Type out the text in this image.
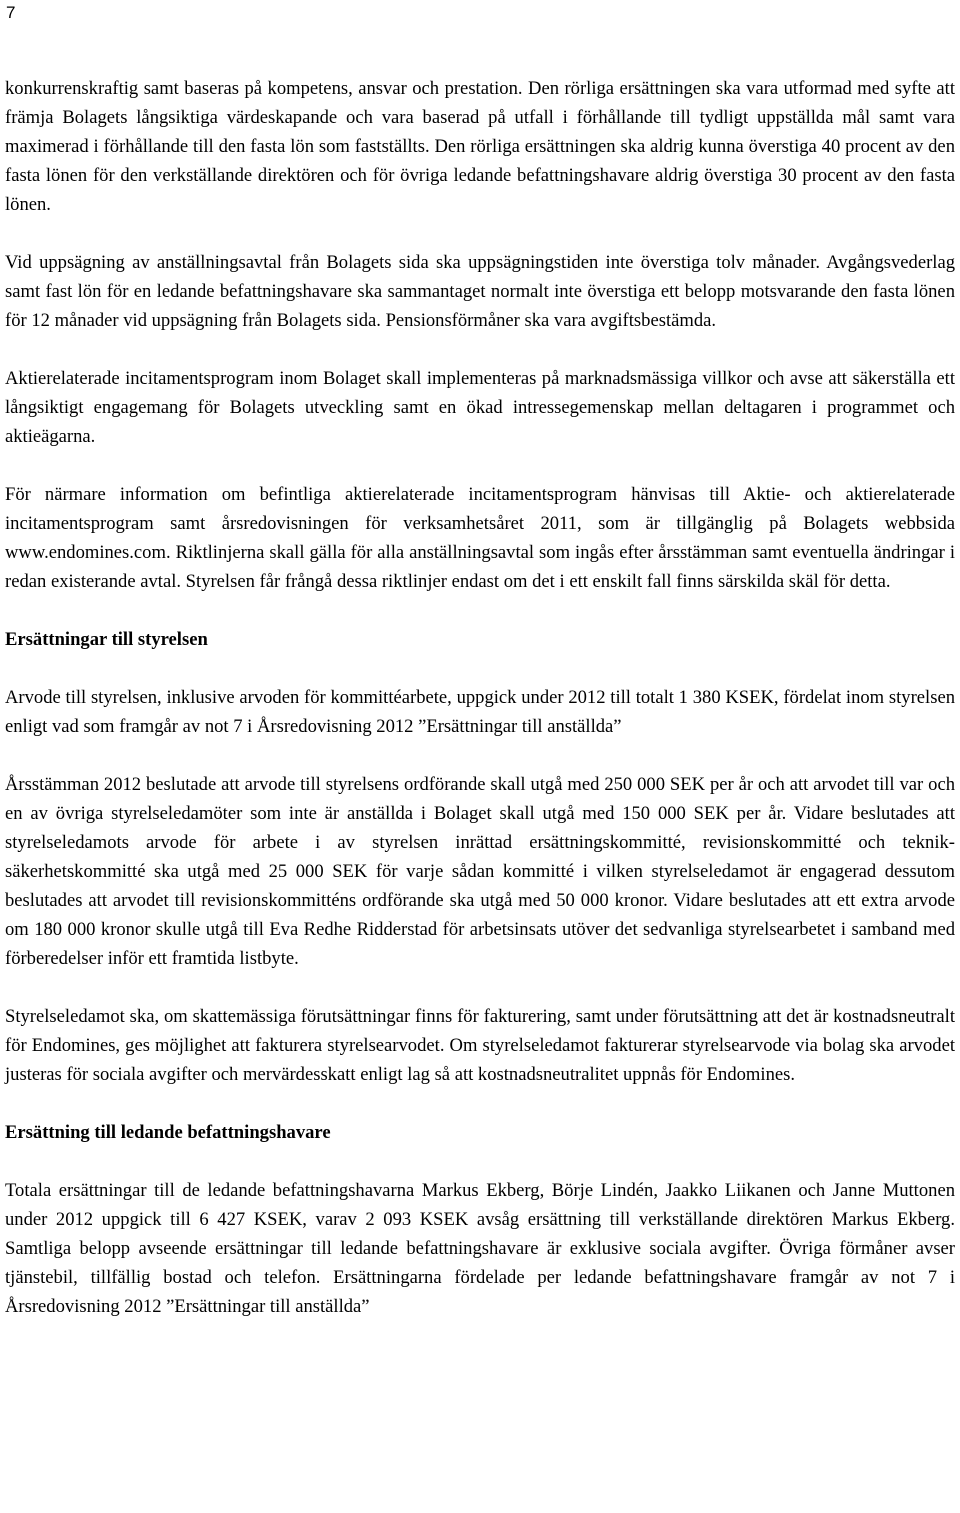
7

konkurrenskraftig samt baseras på kompetens, ansvar och prestation. Den rörliga ersättningen ska vara utformad med syfte att främja Bolagets långsiktiga värdeskapande och vara baserad på utfall i förhållande till tydligt uppställda mål samt vara maximerad i förhållande till den fasta lön som fastställts. Den rörliga ersättningen ska aldrig kunna överstiga 40 procent av den fasta lönen för den verkställande direktören och för övriga ledande befattningshavare aldrig överstiga 30 procent av den fasta lönen.

Vid uppsägning av anställningsavtal från Bolagets sida ska uppsägningstiden inte överstiga tolv månader. Avgångsvederlag samt fast lön för en ledande befattningshavare ska sammantaget normalt inte överstiga ett belopp motsvarande den fasta lönen för 12 månader vid uppsägning från Bolagets sida. Pensionsförmåner ska vara avgiftsbestämda.

Aktierelaterade incitamentsprogram inom Bolaget skall implementeras på marknadsmässiga villkor och avse att säkerställa ett långsiktigt engagemang för Bolagets utveckling samt en ökad intressegemenskap mellan deltagaren i programmet och aktieägarna.

För närmare information om befintliga aktierelaterade incitamentsprogram hänvisas till Aktie- och aktierelaterade incitamentsprogram samt årsredovisningen för verksamhetsåret 2011, som är tillgänglig på Bolagets webbsida www.endomines.com. Riktlinjerna skall gälla för alla anställningsavtal som ingås efter årsstämman samt eventuella ändringar i redan existerande avtal. Styrelsen får frångå dessa riktlinjer endast om det i ett enskilt fall finns särskilda skäl för detta.

Ersättningar till styrelsen

Arvode till styrelsen, inklusive arvoden för kommittéarbete, uppgick under 2012 till totalt 1 380 KSEK, fördelat inom styrelsen enligt vad som framgår av not 7 i Årsredovisning 2012 ”Ersättningar till anställda”

Årsstämman 2012 beslutade att arvode till styrelsens ordförande skall utgå med 250 000 SEK per år och att arvodet till var och en av övriga styrelseledamöter som inte är anställda i Bolaget skall utgå med 150 000 SEK per år. Vidare beslutades att styrelseledamots arvode för arbete i av styrelsen inrättad ersättningskommitté, revisionskommitté och teknik-säkerhetskommitté ska utgå med 25 000 SEK för varje sådan kommitté i vilken styrelseledamot är engagerad dessutom beslutades att arvodet till revisionskommitténs ordförande ska utgå med 50 000 kronor. Vidare beslutades att ett extra arvode om 180 000 kronor skulle utgå till Eva Redhe Ridderstad för arbetsinsats utöver det sedvanliga styrelsearbetet i samband med förberedelser inför ett framtida listbyte.

Styrelseledamot ska, om skattemässiga förutsättningar finns för fakturering, samt under förutsättning att det är kostnadsneutralt för Endomines, ges möjlighet att fakturera styrelsearvodet. Om styrelseledamot fakturerar styrelsearvode via bolag ska arvodet justeras för sociala avgifter och mervärdesskatt enligt lag så att kostnadsneutralitet uppnås för Endomines.

Ersättning till ledande befattningshavare

Totala ersättningar till de ledande befattningshavarna Markus Ekberg, Börje Lindén, Jaakko Liikanen och Janne Muttonen under 2012 uppgick till 6 427 KSEK, varav 2 093 KSEK avsåg ersättning till verkställande direktören Markus Ekberg. Samtliga belopp avseende ersättningar till ledande befattningshavare är exklusive sociala avgifter. Övriga förmåner avser tjänstebil, tillfällig bostad och telefon. Ersättningarna fördelade per ledande befattningshavare framgår av not 7 i Årsredovisning 2012 ”Ersättningar till anställda”
